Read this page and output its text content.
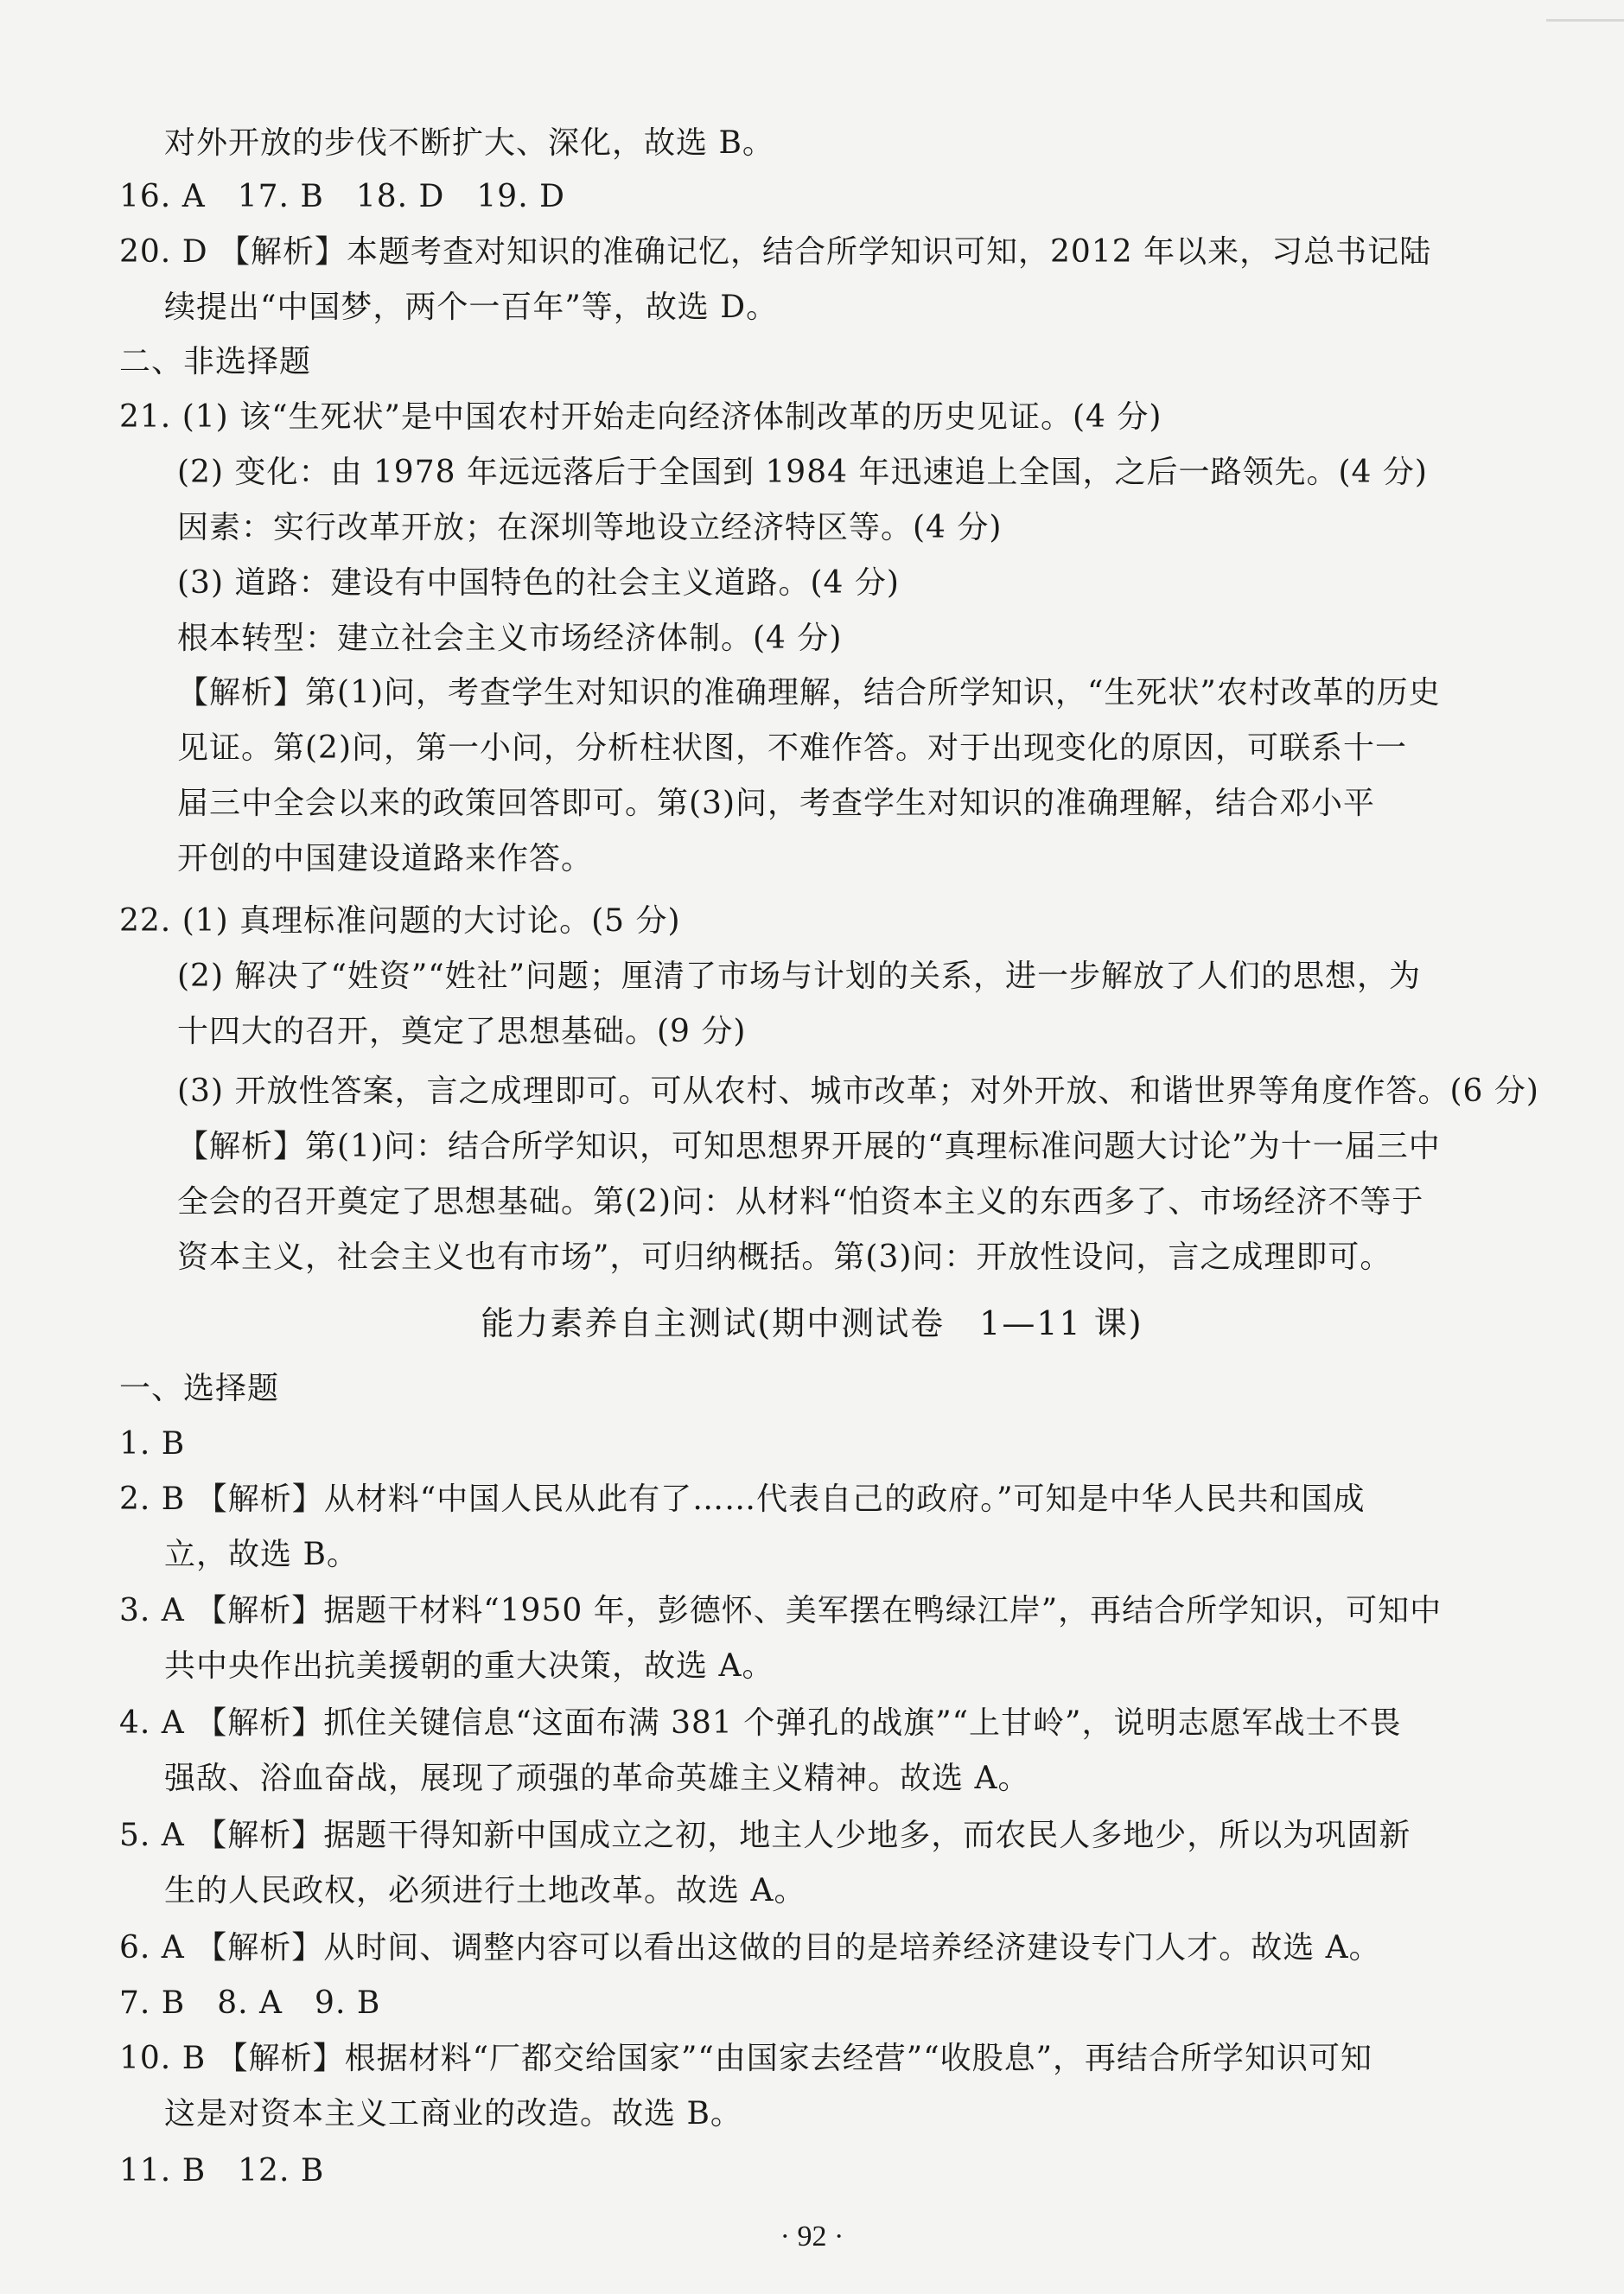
对外开放的步伐不断扩大、深化，故选 B。
16. A　17. B　18. D　19. D
20. D 【解析】本题考查对知识的准确记忆，结合所学知识可知，2012 年以来，习总书记陆
续提出“中国梦，两个一百年”等，故选 D。
二、非选择题
21. (1) 该“生死状”是中国农村开始走向经济体制改革的历史见证。(4 分)
(2) 变化：由 1978 年远远落后于全国到 1984 年迅速追上全国，之后一路领先。(4 分)
因素：实行改革开放；在深圳等地设立经济特区等。(4 分)
(3) 道路：建设有中国特色的社会主义道路。(4 分)
根本转型：建立社会主义市场经济体制。(4 分)
【解析】第(1)问，考查学生对知识的准确理解，结合所学知识，“生死状”农村改革的历史
见证。第(2)问，第一小问，分析柱状图，不难作答。对于出现变化的原因，可联系十一
届三中全会以来的政策回答即可。第(3)问，考查学生对知识的准确理解，结合邓小平
开创的中国建设道路来作答。
22. (1) 真理标准问题的大讨论。(5 分)
(2) 解决了“姓资”“姓社”问题；厘清了市场与计划的关系，进一步解放了人们的思想，为
十四大的召开，奠定了思想基础。(9 分)
(3) 开放性答案，言之成理即可。可从农村、城市改革；对外开放、和谐世界等角度作答。(6 分)
【解析】第(1)问：结合所学知识，可知思想界开展的“真理标准问题大讨论”为十一届三中
全会的召开奠定了思想基础。第(2)问：从材料“怕资本主义的东西多了、市场经济不等于
资本主义，社会主义也有市场”，可归纳概括。第(3)问：开放性设问，言之成理即可。
能力素养自主测试(期中测试卷　1—11 课)
一、选择题
1. B
2. B 【解析】从材料“中国人民从此有了……代表自己的政府。”可知是中华人民共和国成
立，故选 B。
3. A 【解析】据题干材料“1950 年，彭德怀、美军摆在鸭绿江岸”，再结合所学知识，可知中
共中央作出抗美援朝的重大决策，故选 A。
4. A 【解析】抓住关键信息“这面布满 381 个弹孔的战旗”“上甘岭”，说明志愿军战士不畏
强敌、浴血奋战，展现了顽强的革命英雄主义精神。故选 A。
5. A 【解析】据题干得知新中国成立之初，地主人少地多，而农民人多地少，所以为巩固新
生的人民政权，必须进行土地改革。故选 A。
6. A 【解析】从时间、调整内容可以看出这做的目的是培养经济建设专门人才。故选 A。
7. B　8. A　9. B
10. B 【解析】根据材料“厂都交给国家”“由国家去经营”“收股息”，再结合所学知识可知
这是对资本主义工商业的改造。故选 B。
11. B　12. B
· 92 ·
